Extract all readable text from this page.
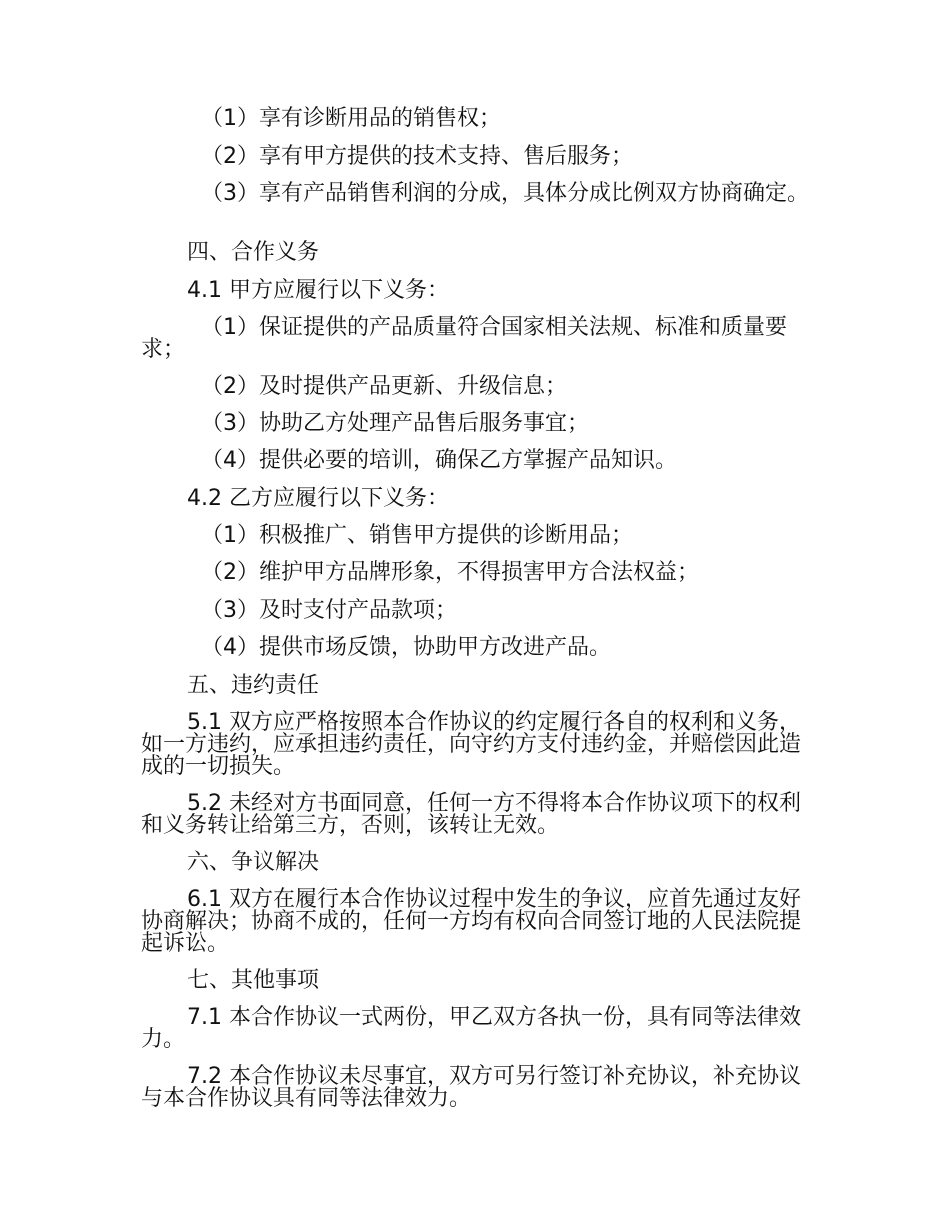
（1）享有诊断用品的销售权；

（2）享有甲方提供的技术支持、售后服务；

（3）享有产品销售利润的分成，具体分成比例双方协商确定。

四、合作义务

4.1 甲方应履行以下义务：

（1）保证提供的产品质量符合国家相关法规、标准和质量要求；

（2）及时提供产品更新、升级信息；

（3）协助乙方处理产品售后服务事宜；

（4）提供必要的培训，确保乙方掌握产品知识。

4.2 乙方应履行以下义务：

（1）积极推广、销售甲方提供的诊断用品；

（2）维护甲方品牌形象，不得损害甲方合法权益；

（3）及时支付产品款项；

（4）提供市场反馈，协助甲方改进产品。

五、违约责任

5.1 双方应严格按照本合作协议的约定履行各自的权利和义务，如一方违约，应承担违约责任，向守约方支付违约金，并赔偿因此造成的一切损失。

5.2 未经对方书面同意，任何一方不得将本合作协议项下的权利和义务转让给第三方，否则，该转让无效。

六、争议解决

6.1 双方在履行本合作协议过程中发生的争议，应首先通过友好协商解决；协商不成的，任何一方均有权向合同签订地的人民法院提起诉讼。

七、其他事项

7.1 本合作协议一式两份，甲乙双方各执一份，具有同等法律效力。

7.2 本合作协议未尽事宜，双方可另行签订补充协议，补充协议与本合作协议具有同等法律效力。
